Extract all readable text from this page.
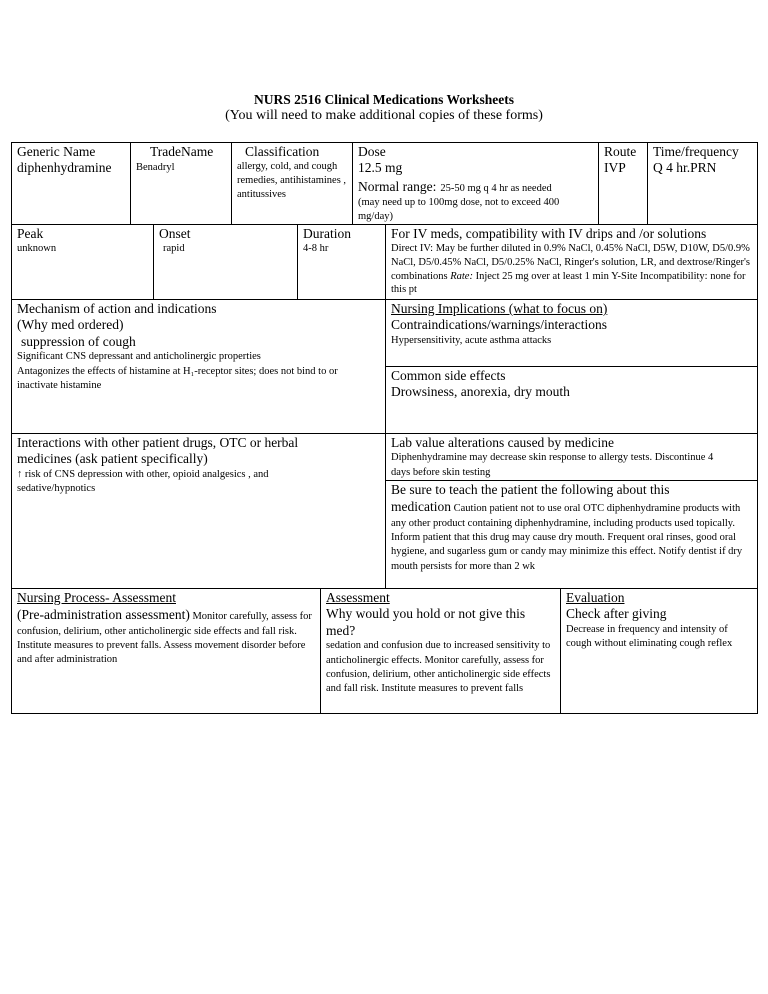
NURS 2516 Clinical Medications Worksheets
(You will need to make additional copies of these forms)
Generic Name
diphenhydramine
TradeName
Benadryl
Classification
allergy, cold, and cough remedies, antihistamines , antitussives
Dose
12.5 mg
Normal range: 25-50 mg q 4 hr as needed
(may need up to 100mg dose, not to exceed 400 mg/day)
Route
IVP
Time/frequency
Q 4 hr.PRN
Peak
unknown
Onset
rapid
Duration
4-8 hr
For IV meds, compatibility with IV drips and /or solutions
Direct IV: May be further diluted in 0.9% NaCl, 0.45% NaCl, D5W, D10W, D5/0.9% NaCl, D5/0.45% NaCl, D5/0.25% NaCl, Ringer's solution, LR, and dextrose/Ringer's combinations Rate: Inject 25 mg over at least 1 min Y-Site Incompatibility: none for this pt
Mechanism of action and indications
(Why med ordered)
suppression of cough
Significant CNS depressant and anticholinergic properties
Antagonizes the effects of histamine at H₁-receptor sites; does not bind to or inactivate histamine
Nursing Implications (what to focus on)
Contraindications/warnings/interactions
Hypersensitivity, acute asthma attacks
Common side effects
Drowsiness, anorexia, dry mouth
Interactions with other patient drugs, OTC or herbal medicines (ask patient specifically)
↑ risk of CNS depression with other, opioid analgesics , and sedative/hypnotics
Lab value alterations caused by medicine
Diphenhydramine may decrease skin response to allergy tests. Discontinue 4 days before skin testing
Be sure to teach the patient the following about this
medication Caution patient not to use oral OTC diphenhydramine products with any other product containing diphenhydramine, including products used topically. Inform patient that this drug may cause dry mouth. Frequent oral rinses, good oral hygiene, and sugarless gum or candy may minimize this effect. Notify dentist if dry mouth persists for more than 2 wk
Nursing Process- Assessment
(Pre-administration assessment) Monitor carefully, assess for confusion, delirium, other anticholinergic side effects and fall risk. Institute measures to prevent falls. Assess movement disorder before and after administration
Assessment
Why would you hold or not give this med?
sedation and confusion due to increased sensitivity to anticholinergic effects. Monitor carefully, assess for confusion, delirium, other anticholinergic side effects and fall risk. Institute measures to prevent falls
Evaluation
Check after giving
Decrease in frequency and intensity of cough without eliminating cough reflex
